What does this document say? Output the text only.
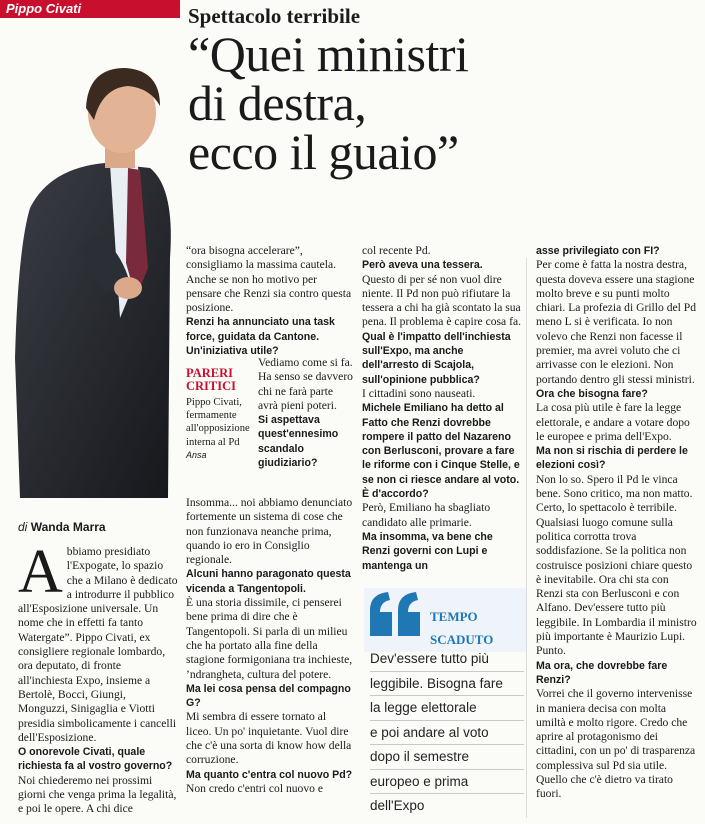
Pippo Civati	Spettacolo terribile
“Quei ministri
di destra,
ecco il guaio”
di Wanda Marra

Abbiamo presidiato l'Expogate, lo spazio che a Milano è dedicato a introdurre il pubblico all'Esposizione universale. Un nome che in effetti fa tanto Watergate”. Pippo Civati, ex consigliere regionale lombardo, ora deputato, di fronte all'inchiesta Expo, insieme a Bertolè, Bocci, Giungi, Monguzzi, Sinigaglia e Viotti presidia simbolicamente i cancelli dell'Esposizione.

O onorevole Civati, quale richiesta fa al vostro governo?

Noi chiederemo nei prossimi giorni che venga prima la legalità, e poi le opere. A chi dice

“ora bisogna accelerare”, consigliamo la massima cautela. Anche se non ho motivo per pensare che Renzi sia contro questa posizione.

Renzi ha annunciato una task force, guidata da Cantone. Un'iniziativa utile?

Vediamo come si fa. Ha senso se davvero chi ne farà parte avrà pieni poteri.

Si aspettava quest'ennesimo scandalo giudiziario?

Insomma... noi abbiamo denunciato fortemente un sistema di cose che non funzionava neanche prima, quando io ero in Consiglio regionale.

Alcuni hanno paragonato questa vicenda a Tangentopoli.

È una storia dissimile, ci penserei bene prima di dire che è Tangentopoli. Si parla di un milieu che ha portato alla fine della stagione formigoniana tra inchieste, ’ndrangheta, cultura del potere.

Ma lei cosa pensa del compagno G?

Mi sembra di essere tornato al liceo. Un po' inquietante. Vuol dire che c'è una sorta di know how della corruzione.

Ma quanto c'entra col nuovo Pd?

Non credo c'entri col nuovo e

PARERI
CRITICI
Pippo Civati, fermamente all'opposizione interna al Pd Ansa

col recente Pd.

Però aveva una tessera.

Questo di per sé non vuol dire niente. Il Pd non può rifiutare la tessera a chi ha già scontato la sua pena. Il problema è capire cosa fa.

Qual è l'impatto dell'inchiesta sull'Expo, ma anche dell'arresto di Scajola, sull'opinione pubblica?

I cittadini sono nauseati.

Michele Emiliano ha detto al Fatto che Renzi dovrebbe rompere il patto del Nazareno con Berlusconi, provare a fare le riforme con i Cinque Stelle, e se non ci riesce andare al voto. È d'accordo?

Però, Emiliano ha sbagliato candidato alle primarie.

Ma insomma, va bene che Renzi governi con Lupi e mantenga un

TEMPO
SCADUTO
Dev'essere tutto più
leggibile. Bisogna fare
la legge elettorale
e poi andare al voto
dopo il semestre
europeo e prima
dell'Expo

asse privilegiato con FI?

Per come è fatta la nostra destra, questa doveva essere una stagione molto breve e su punti molto chiari. La profezia di Grillo del Pd meno L si è verificata. Io non volevo che Renzi non facesse il premier, ma avrei voluto che ci arrivasse con le elezioni. Non portando dentro gli stessi ministri.

Ora che bisogna fare?

La cosa più utile è fare la legge elettorale, e andare a votare dopo le europee e prima dell'Expo.

Ma non si rischia di perdere le elezioni così?

Non lo so. Spero il Pd le vinca bene. Sono critico, ma non matto. Certo, lo spettacolo è terribile. Qualsiasi luogo comune sulla politica corrotta trova soddisfazione. Se la politica non costruisce posizioni chiare questo è inevitabile. Ora chi sta con Renzi sta con Berlusconi e con Alfano. Dev'essere tutto più leggibile. In Lombardia il ministro più importante è Maurizio Lupi. Punto.

Ma ora, che dovrebbe fare Renzi?

Vorrei che il governo intervenisse in maniera decisa con molta umiltà e molto rigore. Credo che aprire al protagonismo dei cittadini, con un po' di trasparenza complessiva sul Pd sia utile. Quello che c'è dietro va tirato fuori.
